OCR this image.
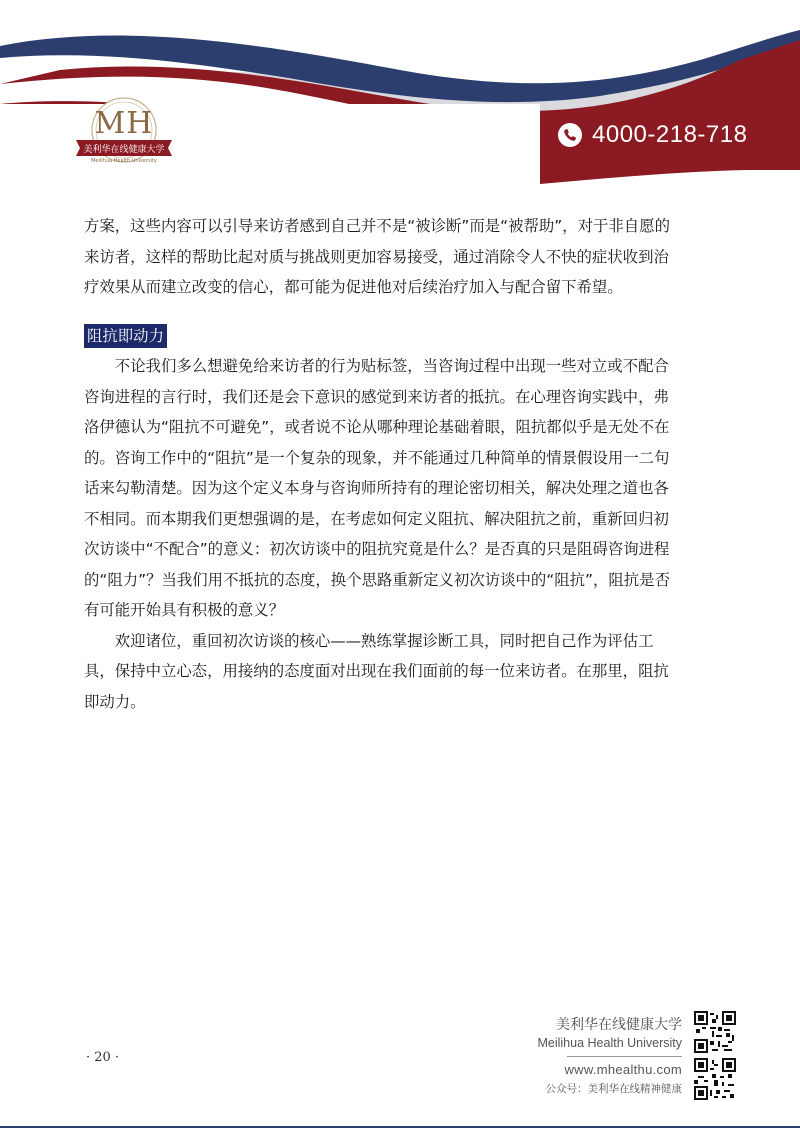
MH
美利华在线健康大学
Meilihua Health University
4000-218-718

方案，这些内容可以引导来访者感到自己并不是“被诊断”而是“被帮助”，对于非自愿的来访者，这样的帮助比起对质与挑战则更加容易接受，通过消除令人不快的症状收到治疗效果从而建立改变的信心，都可能为促进他对后续治疗加入与配合留下希望。

阻抗即动力

不论我们多么想避免给来访者的行为贴标签，当咨询过程中出现一些对立或不配合咨询进程的言行时，我们还是会下意识的感觉到来访者的抵抗。在心理咨询实践中，弗洛伊德认为“阻抗不可避免”，或者说不论从哪种理论基础着眼，阻抗都似乎是无处不在的。咨询工作中的“阻抗”是一个复杂的现象，并不能通过几种简单的情景假设用一二句话来勾勒清楚。因为这个定义本身与咨询师所持有的理论密切相关，解决处理之道也各不相同。而本期我们更想强调的是，在考虑如何定义阻抗、解决阻抗之前，重新回归初次访谈中“不配合”的意义：初次访谈中的阻抗究竟是什么？是否真的只是阻碍咨询进程的“阻力”？当我们用不抵抗的态度，换个思路重新定义初次访谈中的“阻抗”，阻抗是否有可能开始具有积极的意义？

欢迎诸位，重回初次访谈的核心——熟练掌握诊断工具，同时把自己作为评估工具，保持中立心态，用接纳的态度面对出现在我们面前的每一位来访者。在那里，阻抗即动力。

· 20 ·
美利华在线健康大学
Meilihua Health University
www.mhealthu.com
公众号：美利华在线精神健康
